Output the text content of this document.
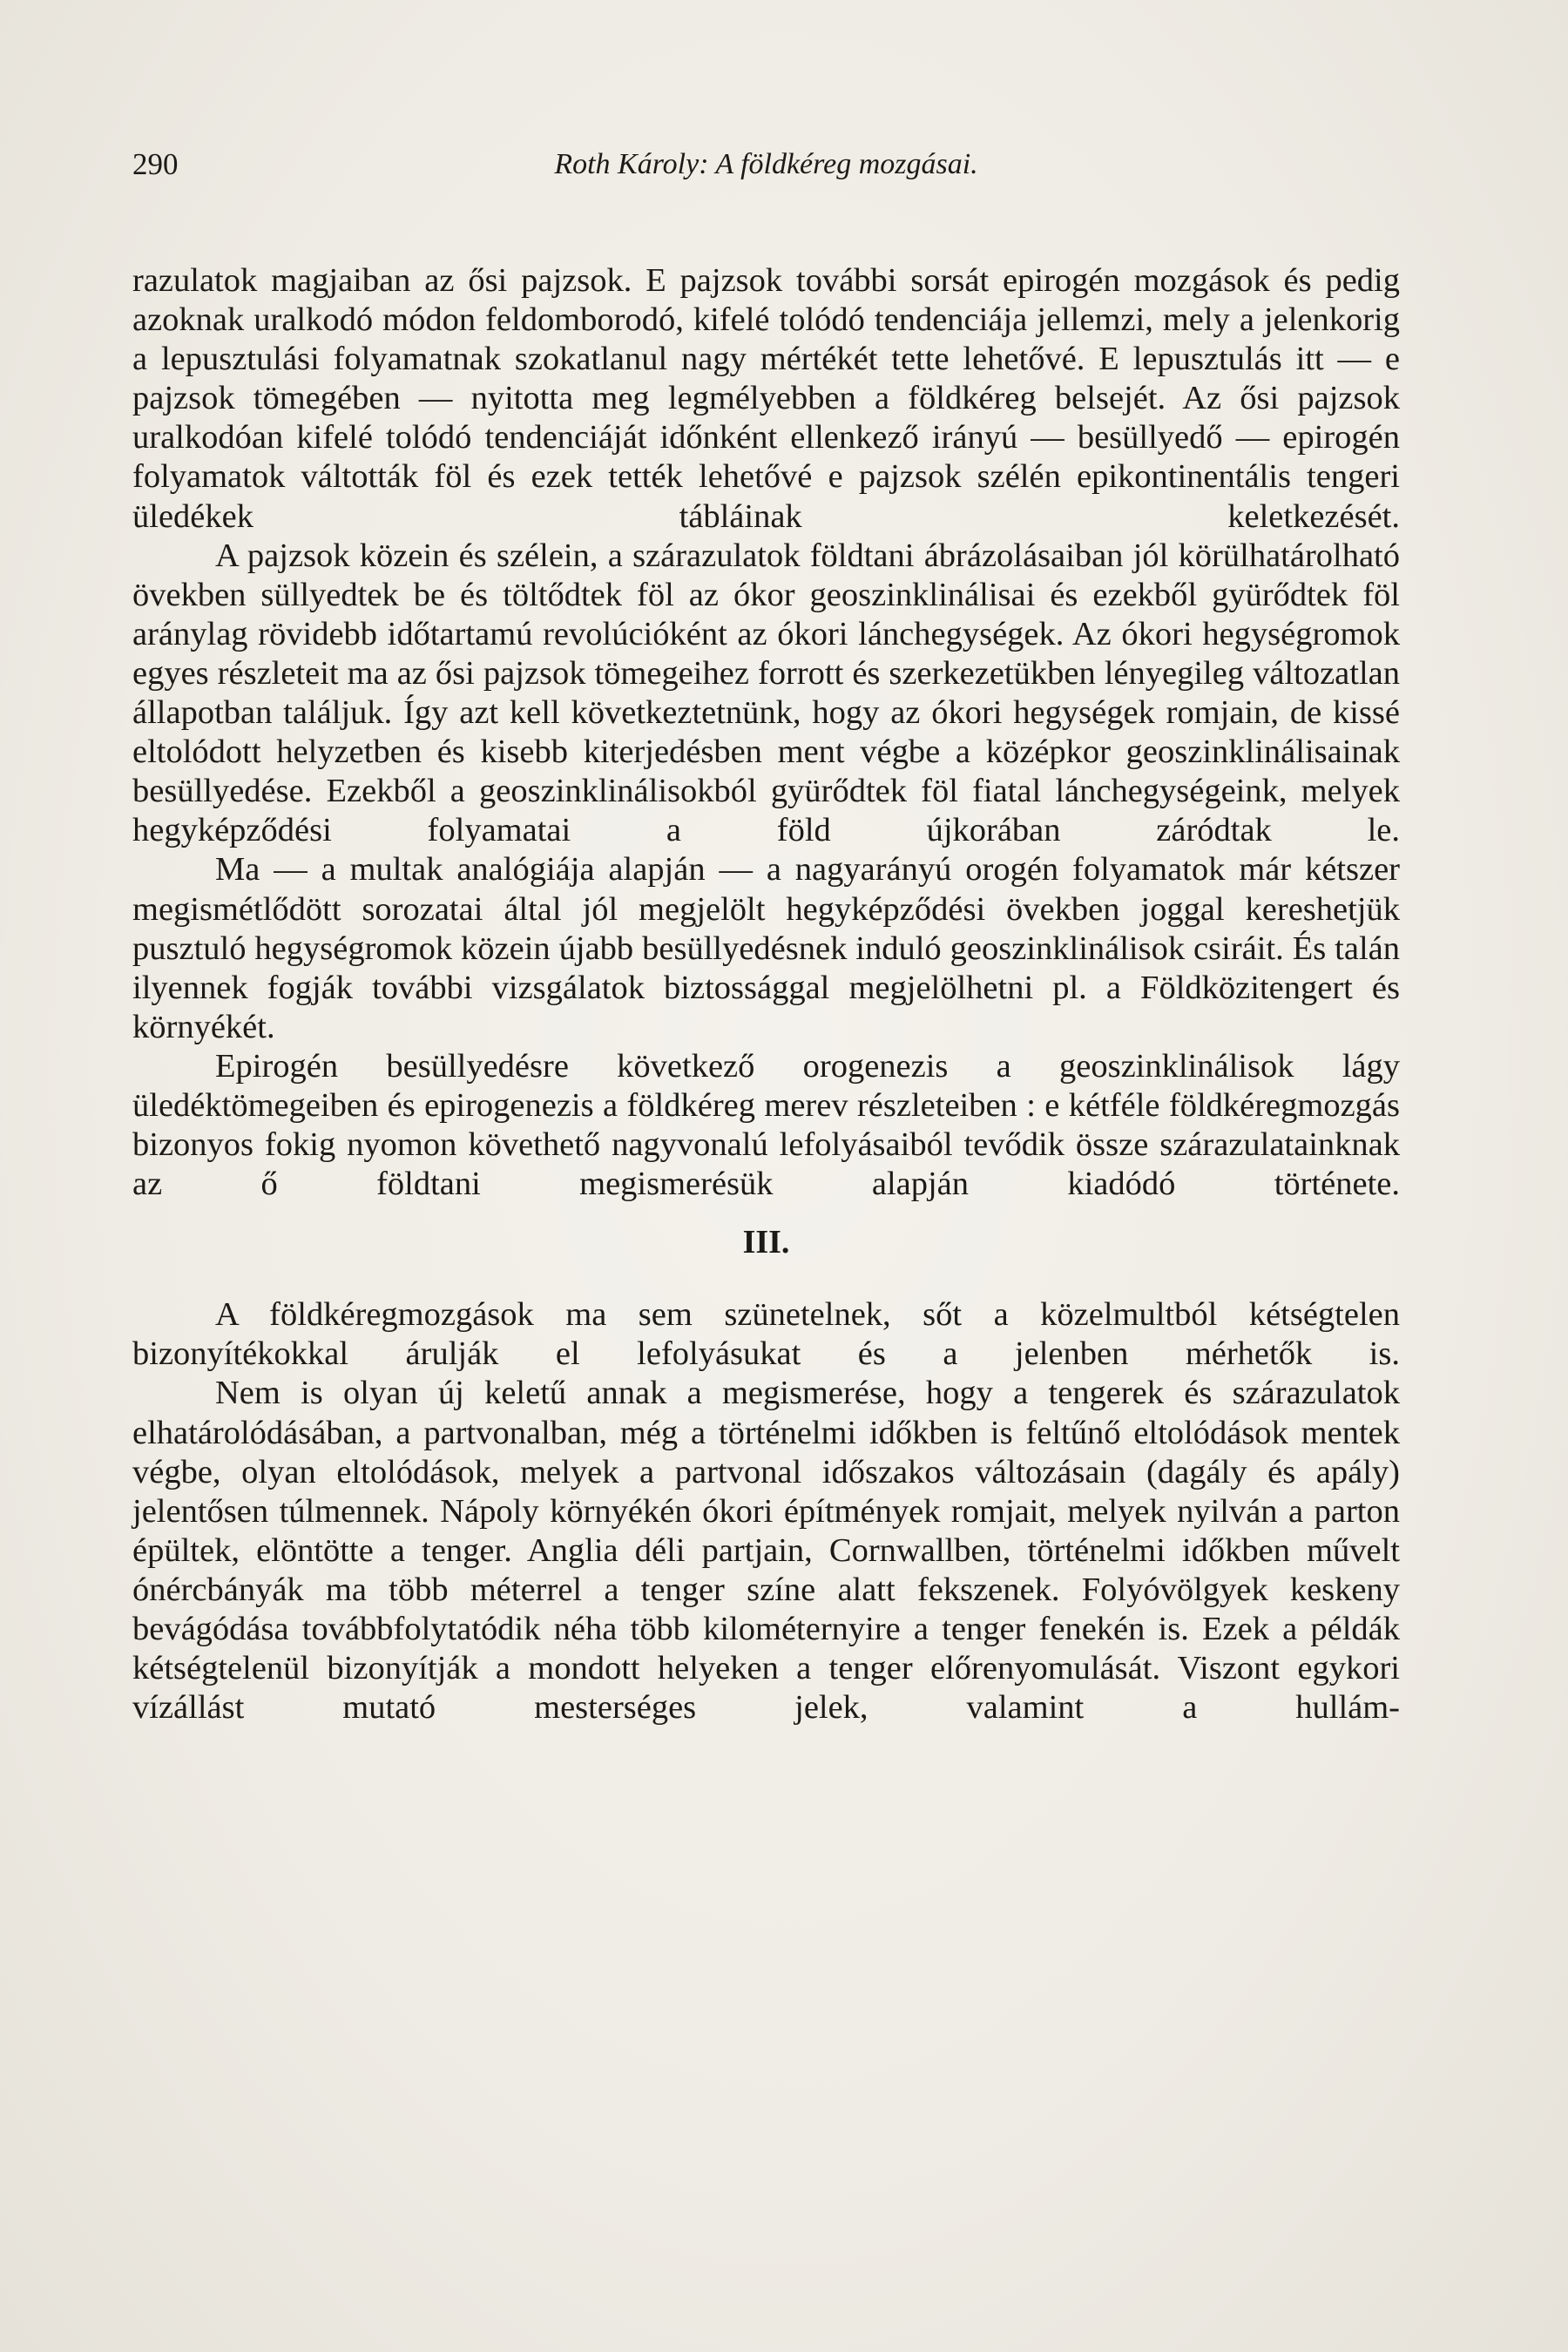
290	Roth Károly: A földkéreg mozgásai.

razulatok magjaiban az ősi pajzsok. E pajzsok további sorsát epirogén mozgások és pedig azoknak uralkodó módon feldomborodó, kifelé tolódó tendenciája jellemzi, mely a jelenkorig a lepusztulási folyamatnak szokatlanul nagy mértékét tette lehetővé. E lepusztulás itt — e pajzsok tömegében — nyitotta meg legmélyebben a földkéreg belsejét. Az ősi pajzsok uralkodóan kifelé tolódó tendenciáját időnként ellenkező irányú — besüllyedő — epirogén folyamatok váltották föl és ezek tették lehetővé e pajzsok szélén epikontinentális tengeri üledékek tábláinak keletkezését.

A pajzsok közein és szélein, a szárazulatok földtani ábrázolásaiban jól körülhatárolható övekben süllyedtek be és töltődtek föl az ókor geoszinklinálisai és ezekből gyürődtek föl aránylag rövidebb időtartamú revolúcióként az ókori lánchegységek. Az ókori hegységromok egyes részleteit ma az ősi pajzsok tömegeihez forrott és szerkezetükben lényegileg változatlan állapotban találjuk. Így azt kell következtetnünk, hogy az ókori hegységek romjain, de kissé eltolódott helyzetben és kisebb kiterjedésben ment végbe a középkor geoszinklinálisainak besüllyedése. Ezekből a geoszinklinálisokból gyürődtek föl fiatal lánchegységeink, melyek hegyképződési folyamatai a föld újkorában záródtak le.

Ma — a multak analógiája alapján — a nagyarányú orogén folyamatok már kétszer megismétlődött sorozatai által jól megjelölt hegyképződési övekben joggal kereshetjük pusztuló hegységromok közein újabb besüllyedésnek induló geoszinklinálisok csiráit. És talán ilyennek fogják további vizsgálatok biztossággal megjelölhetni pl. a Földközitengert és környékét.

Epirogén besüllyedésre következő orogenezis a geoszinklinálisok lágy üledéktömegeiben és epirogenezis a földkéreg merev részleteiben : e kétféle földkéregmozgás bizonyos fokig nyomon követhető nagyvonalú lefolyásaiból tevődik össze szárazulatainknak az ő földtani megismerésük alapján kiadódó története.

III.

A földkéregmozgások ma sem szünetelnek, sőt a közelmultból kétségtelen bizonyítékokkal árulják el lefolyásukat és a jelenben mérhetők is.

Nem is olyan új keletű annak a megismerése, hogy a tengerek és szárazulatok elhatárolódásában, a partvonalban, még a történelmi időkben is feltűnő eltolódások mentek végbe, olyan eltolódások, melyek a partvonal időszakos változásain (dagály és apály) jelentősen túlmennek. Nápoly környékén ókori építmények romjait, melyek nyilván a parton épültek, elöntötte a tenger. Anglia déli partjain, Cornwallben, történelmi időkben művelt ónércbányák ma több méterrel a tenger színe alatt fekszenek. Folyóvölgyek keskeny bevágódása továbbfolytatódik néha több kilométernyire a tenger fenekén is. Ezek a példák kétségtelenül bizonyítják a mondott helyeken a tenger előrenyomulását. Viszont egykori vízállást mutató mesterséges jelek, valamint a hullám-
